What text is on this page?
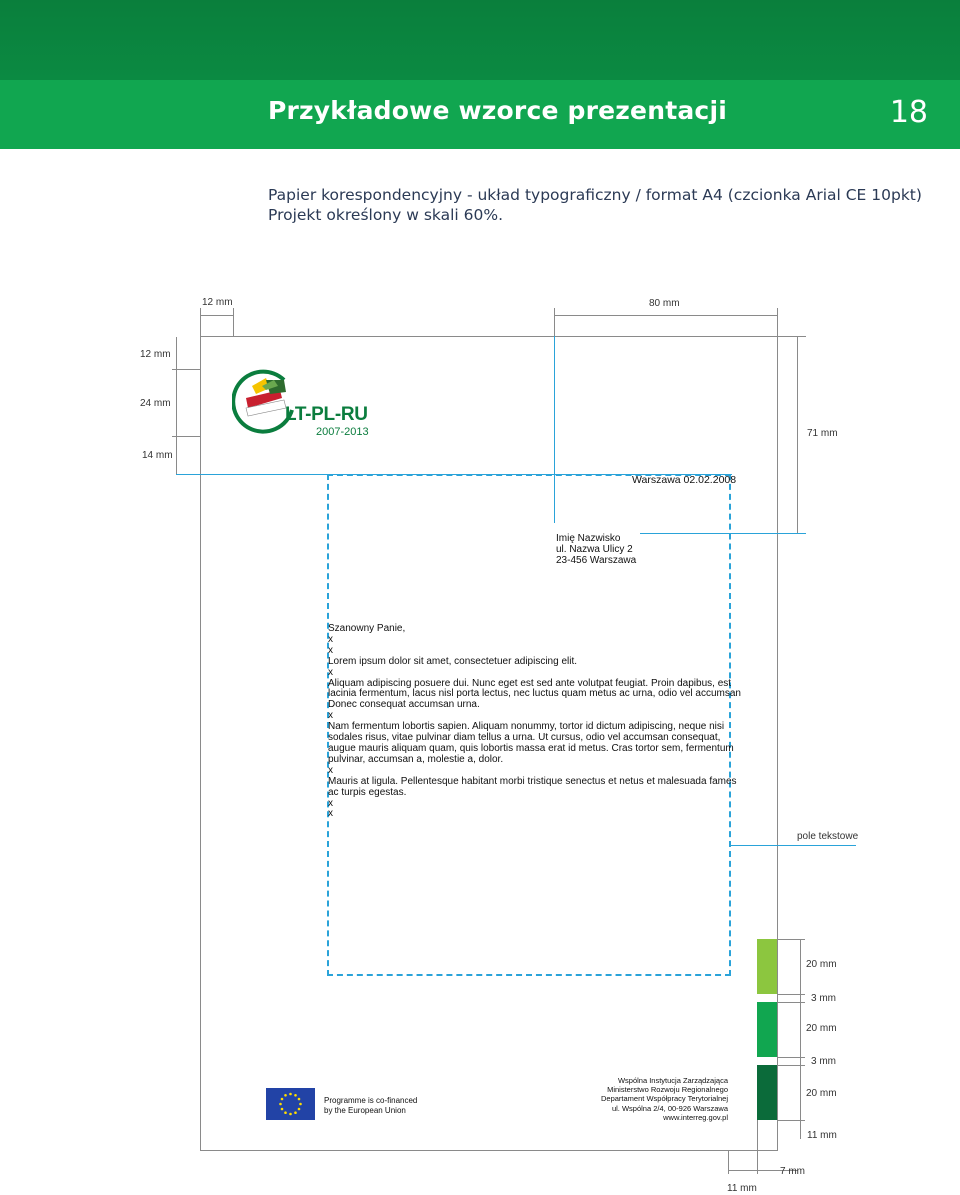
Przykładowe wzorce prezentacji	18
Papier korespondencyjny - układ typograficzny / format A4 (czcionka Arial CE 10pkt)
Projekt określony w skali 60%.
12 mm	80 mm
12 mm
24 mm
14 mm
71 mm
LT-PL-RU
2007-2013
pole tekstowe
Warszawa 02.02.2008
Imię Nazwisko
ul. Nazwa Ulicy 2
23-456 Warszawa
Szanowny Panie,
x
x
Lorem ipsum dolor sit amet, consectetuer adipiscing elit.
x
Aliquam adipiscing posuere dui. Nunc eget est sed ante volutpat feugiat. Proin dapibus, est
lacinia fermentum, lacus nisl porta lectus, nec luctus quam metus ac urna, odio vel accumsan
Donec consequat accumsan urna.
x
Nam fermentum lobortis sapien. Aliquam nonummy, tortor id dictum adipiscing, neque nisi
sodales risus, vitae pulvinar diam tellus a urna. Ut cursus, odio vel accumsan consequat,
augue mauris aliquam quam, quis lobortis massa erat id metus. Cras tortor sem, fermentum
pulvinar, accumsan a, molestie a, dolor.
x
Mauris at ligula. Pellentesque habitant morbi tristique senectus et netus et malesuada fames
ac turpis egestas.
x
x
20 mm
3 mm
20 mm
3 mm
20 mm
11 mm
7 mm
11 mm
Programme is co-financed
by the European Union
Wspólna Instytucja Zarządzająca
Ministerstwo Rozwoju Regionalnego
Departament Współpracy Terytorialnej
ul. Wspólna 2/4, 00-926 Warszawa
www.interreg.gov.pl
